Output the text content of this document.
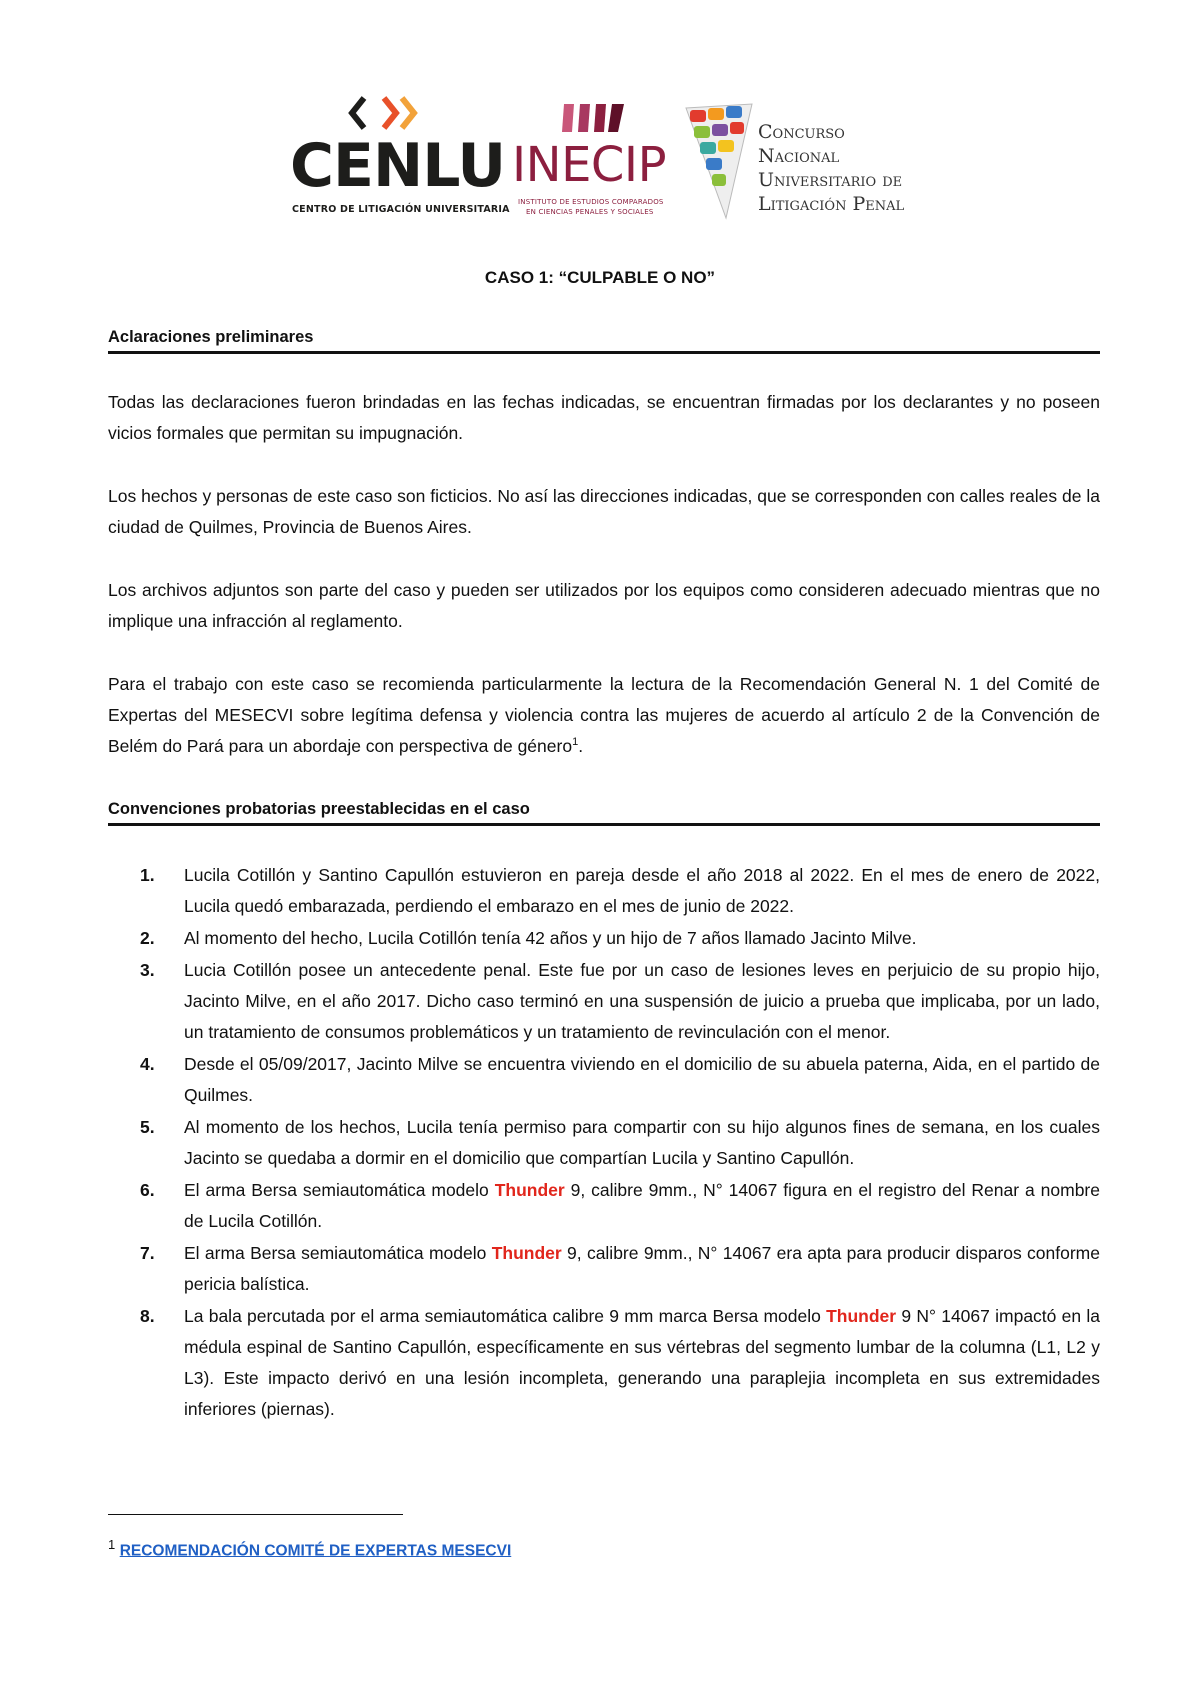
CENLU
CENTRO DE LITIGACIÓN UNIVERSITARIA
INECIP
INSTITUTO DE ESTUDIOS COMPARADOS
EN CIENCIAS PENALES Y SOCIALES
Concurso
Nacional
Universitario de
Litigación Penal
CASO 1: “CULPABLE O NO”
Aclaraciones preliminares
Todas las declaraciones fueron brindadas en las fechas indicadas, se encuentran firmadas por los declarantes y no poseen vicios formales que permitan su impugnación.
Los hechos y personas de este caso son ficticios. No así las direcciones indicadas, que se corresponden con calles reales de la ciudad de Quilmes, Provincia de Buenos Aires.
Los archivos adjuntos son parte del caso y pueden ser utilizados por los equipos como consideren adecuado mientras que no implique una infracción al reglamento.
Para el trabajo con este caso se recomienda particularmente la lectura de la Recomendación General N. 1 del Comité de Expertas del MESECVI sobre legítima defensa y violencia contra las mujeres de acuerdo al artículo 2 de la Convención de Belém do Pará para un abordaje con perspectiva de género$^1$.
Convenciones probatorias preestablecidas en el caso
1. Lucila Cotillón y Santino Capullón estuvieron en pareja desde el año 2018 al 2022. En el mes de enero de 2022, Lucila quedó embarazada, perdiendo el embarazo en el mes de junio de 2022.
2. Al momento del hecho, Lucila Cotillón tenía 42 años y un hijo de 7 años llamado Jacinto Milve.
3. Lucia Cotillón posee un antecedente penal. Este fue por un caso de lesiones leves en perjuicio de su propio hijo, Jacinto Milve, en el año 2017. Dicho caso terminó en una suspensión de juicio a prueba que implicaba, por un lado, un tratamiento de consumos problemáticos y un tratamiento de revinculación con el menor.
4. Desde el 05/09/2017, Jacinto Milve se encuentra viviendo en el domicilio de su abuela paterna, Aida, en el partido de Quilmes.
5. Al momento de los hechos, Lucila tenía permiso para compartir con su hijo algunos fines de semana, en los cuales Jacinto se quedaba a dormir en el domicilio que compartían Lucila y Santino Capullón.
6. El arma Bersa semiautomática modelo Thunder 9, calibre 9mm., N° 14067 figura en el registro del Renar a nombre de Lucila Cotillón.
7. El arma Bersa semiautomática modelo Thunder 9, calibre 9mm., N° 14067 era apta para producir disparos conforme pericia balística.
8. La bala percutada por el arma semiautomática calibre 9 mm marca Bersa modelo Thunder 9 N° 14067 impactó en la médula espinal de Santino Capullón, específicamente en sus vértebras del segmento lumbar de la columna (L1, L2 y L3). Este impacto derivó en una lesión incompleta, generando una paraplejia incompleta en sus extremidades inferiores (piernas).
$^1$ RECOMENDACIÓN COMITÉ DE EXPERTAS MESECVI
